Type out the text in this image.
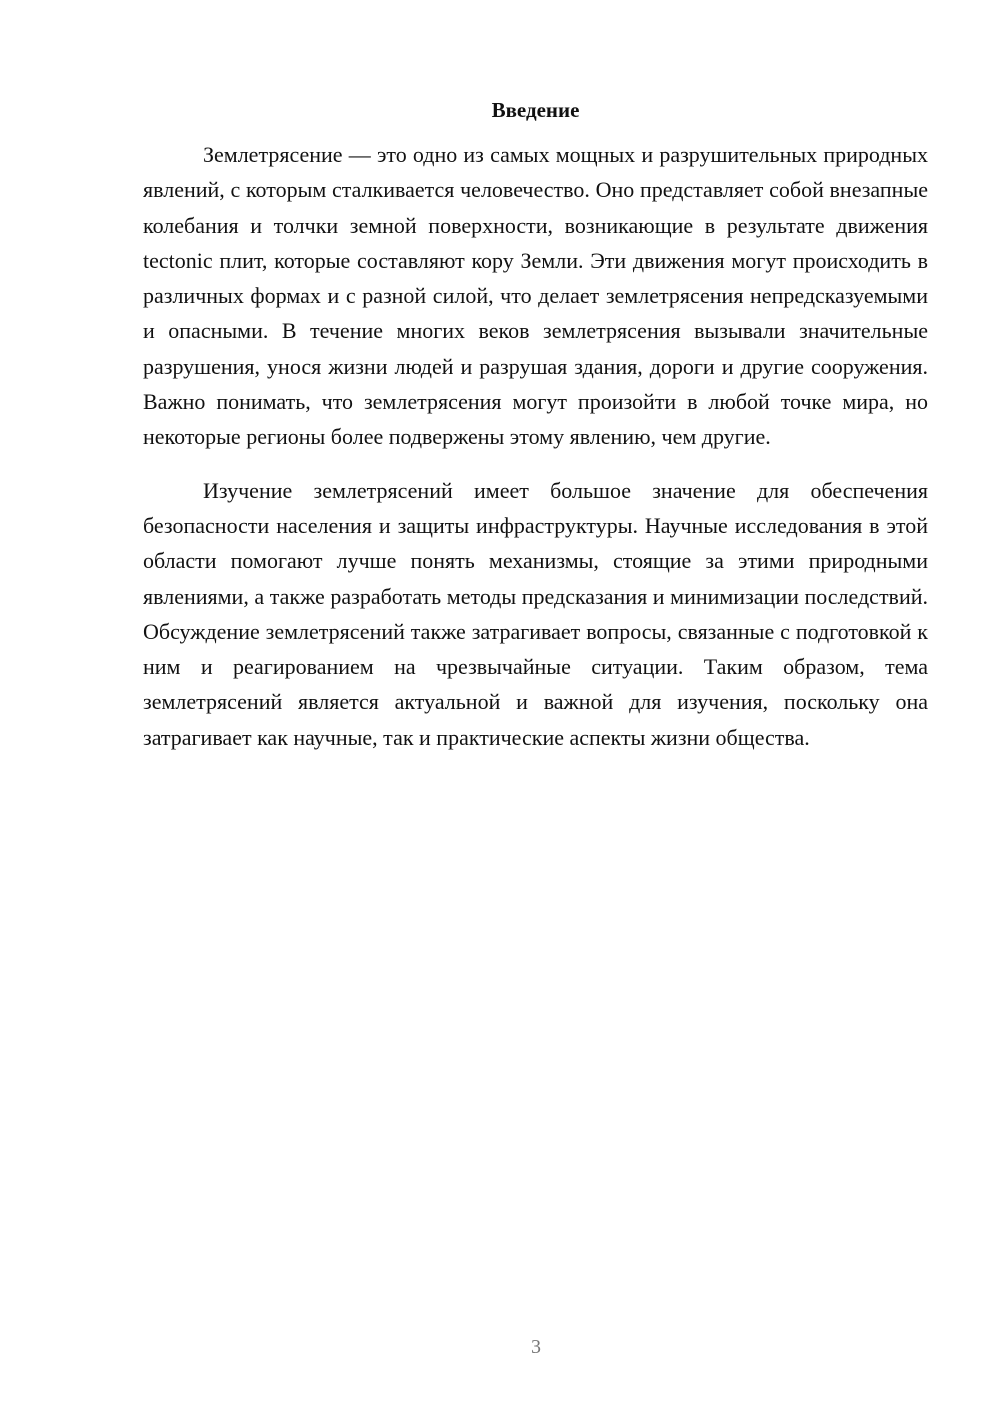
Введение

Землетрясение — это одно из самых мощных и разрушительных природных явлений, с которым сталкивается человечество. Оно представляет собой внезапные колебания и толчки земной поверхности, возникающие в результате движения tectonic плит, которые составляют кору Земли. Эти движения могут происходить в различных формах и с разной силой, что делает землетрясения непредсказуемыми и опасными. В течение многих веков землетрясения вызывали значительные разрушения, унося жизни людей и разрушая здания, дороги и другие сооружения. Важно понимать, что землетрясения могут произойти в любой точке мира, но некоторые регионы более подвержены этому явлению, чем другие.

Изучение землетрясений имеет большое значение для обеспечения безопасности населения и защиты инфраструктуры. Научные исследования в этой области помогают лучше понять механизмы, стоящие за этими природными явлениями, а также разработать методы предсказания и минимизации последствий. Обсуждение землетрясений также затрагивает вопросы, связанные с подготовкой к ним и реагированием на чрезвычайные ситуации. Таким образом, тема землетрясений является актуальной и важной для изучения, поскольку она затрагивает как научные, так и практические аспекты жизни общества.

3
